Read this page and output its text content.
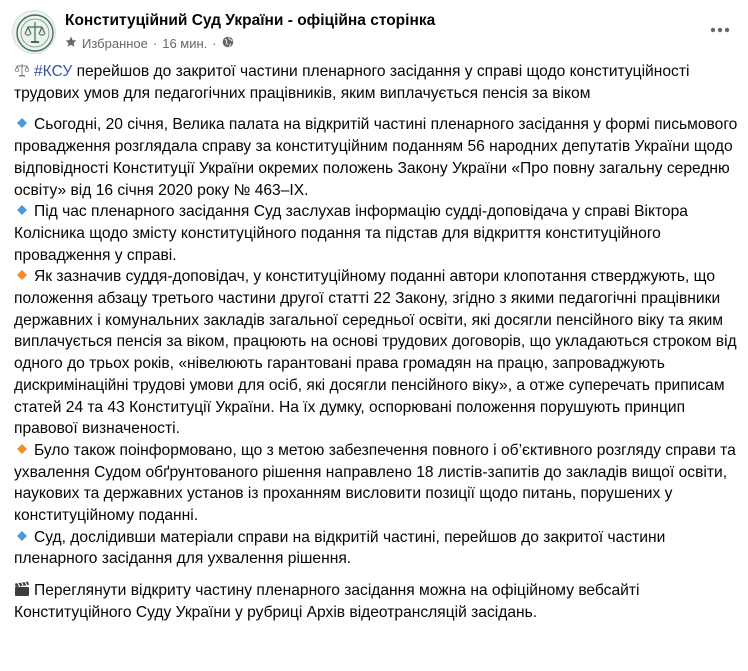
Конституційний Суд України - офіційна сторінка
Избранное · 16 мин. ·

#КСУ перейшов до закритої частини пленарного засідання у справі щодо конституційності трудових умов для педагогічних працівників, яким виплачується пенсія за віком

Сьогодні, 20 січня, Велика палата на відкритій частині пленарного засідання у формі письмового провадження розглядала справу за конституційним поданням 56 народних депутатів України щодо відповідності Конституції України окремих положень Закону України «Про повну загальну середню освіту» від 16 січня 2020 року № 463–IX.

Під час пленарного засідання Суд заслухав інформацію судді-доповідача у справі Віктора Колісника щодо змісту конституційного подання та підстав для відкриття конституційного провадження у справі.

Як зазначив суддя-доповідач, у конституційному поданні автори клопотання стверджують, що положення абзацу третього частини другої статті 22 Закону, згідно з якими педагогічні працівники державних і комунальних закладів загальної середньої освіти, які досягли пенсійного віку та яким виплачується пенсія за віком, працюють на основі трудових договорів, що укладаються строком від одного до трьох років, «нівелюють гарантовані права громадян на працю, запроваджують дискримінаційні трудові умови для осіб, які досягли пенсійного віку», а отже суперечать приписам статей 24 та 43 Конституції України. На їх думку, оспорювані положення порушують принцип правової визначеності.

Було також поінформовано, що з метою забезпечення повного і об’єктивного розгляду справи та ухвалення Судом обґрунтованого рішення направлено 18 листів-запитів до закладів вищої освіти, наукових та державних установ із проханням висловити позиції щодо питань, порушених у конституційному поданні.

Суд, дослідивши матеріали справи на відкритій частині, перейшов до закритої частини пленарного засідання для ухвалення рішення.

Переглянути відкриту частину пленарного засідання можна на офіційному вебсайті Конституційного Суду України у рубриці Архів відеотрансляцій засідань.
